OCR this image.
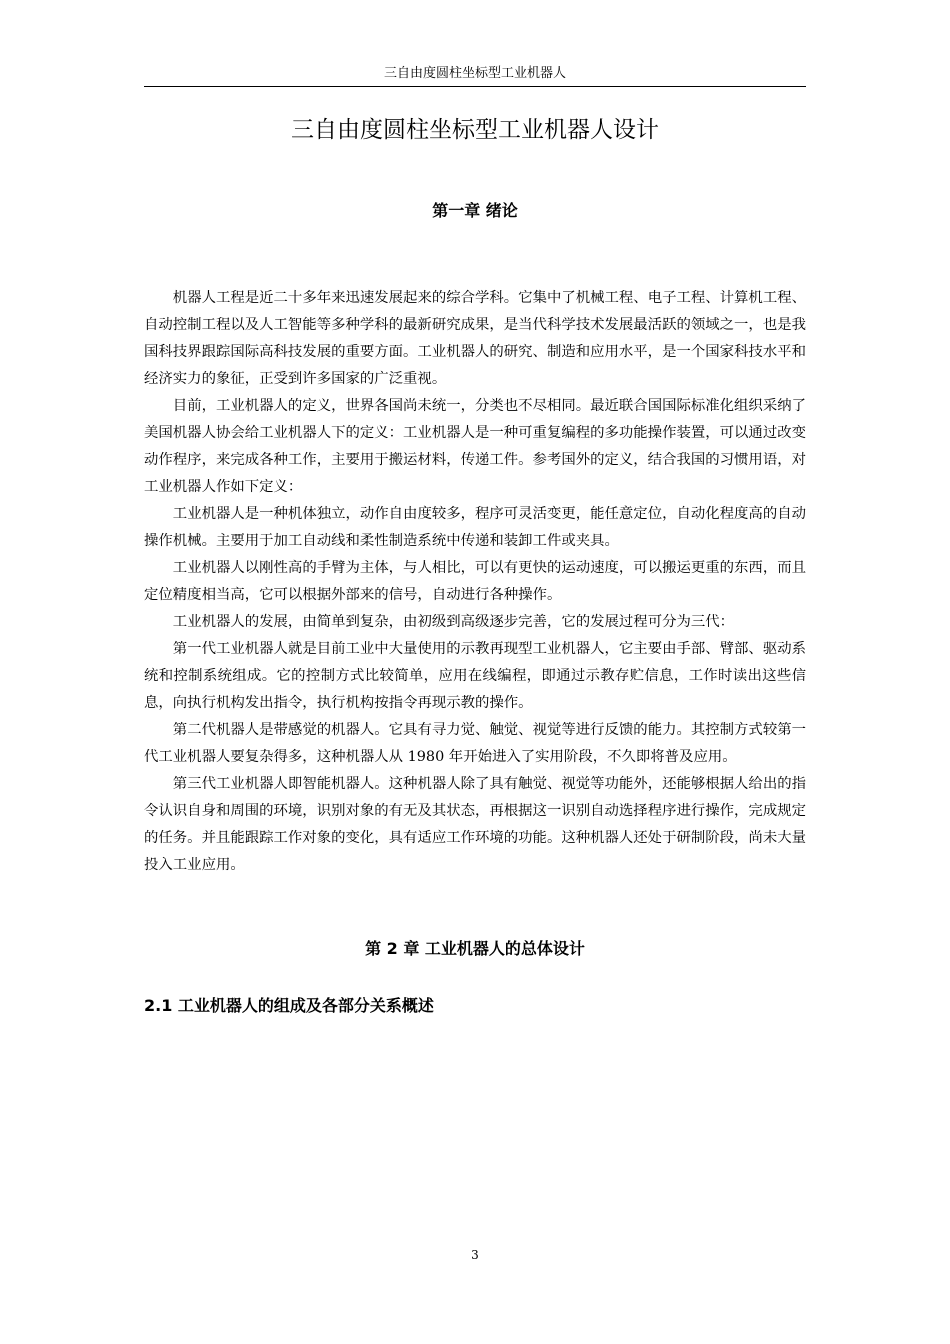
三自由度圆柱坐标型工业机器人
三自由度圆柱坐标型工业机器人设计
第一章 绪论

机器人工程是近二十多年来迅速发展起来的综合学科。它集中了机械工程、电子工程、计算机工程、自动控制工程以及人工智能等多种学科的最新研究成果，是当代科学技术发展最活跃的领域之一，也是我 国科技界跟踪国际高科技发展的重要方面。工业机器人的研究、制造和应用水平，是一个国家科技水平和经济实力的象征，正受到许多国家的广泛重视。

目前，工业机器人的定义，世界各国尚未统一，分类也不尽相同。最近联合国国际标准化组织采纳了美国机器人协会给工业机器人下的定义：工业机器人是一种可重复编程的多功能操作装置，可以通过改变动作程序，来完成各种工作，主要用于搬运材料，传递工件。参考国外的定义，结合我国的习惯用语，对工业机器人作如下定义：

工业机器人是一种机体独立，动作自由度较多，程序可灵活变更，能任意定位，自动化程度高的自动操作机械。主要用于加工自动线和柔性制造系统中传递和装卸工件或夹具。

工业机器人以刚性高的手臂为主体，与人相比，可以有更快的运动速度，可以搬运更重的东西，而且定位精度相当高，它可以根据外部来的信号，自动进行各种操作。

工业机器人的发展，由简单到复杂，由初级到高级逐步完善，它的发展过程可分为三代：

第一代工业机器人就是目前工业中大量使用的示教再现型工业机器人，它主要由手部、臂部、驱动系统和控制系统组成。它的控制方式比较简单，应用在线编程，即通过示教存贮信息，工作时读出这些信息，向执行机构发出指令，执行机构按指令再现示教的操作。

第二代机器人是带感觉的机器人。它具有寻力觉、触觉、视觉等进行反馈的能力。其控制方式较第一代工业机器人要复杂得多，这种机器人从 1980 年开始进入了实用阶段，不久即将普及应用。

第三代工业机器人即智能机器人。这种机器人除了具有触觉、视觉等功能外，还能够根据人给出的指令认识自身和周围的环境，识别对象的有无及其状态，再根据这一识别自动选择程序进行操作，完成规定的任务。并且能跟踪工作对象的变化，具有适应工作环境的功能。这种机器人还处于研制阶段，尚未大量投入工业应用。

第 2 章 工业机器人的总体设计
2.1 工业机器人的组成及各部分关系概述
3
